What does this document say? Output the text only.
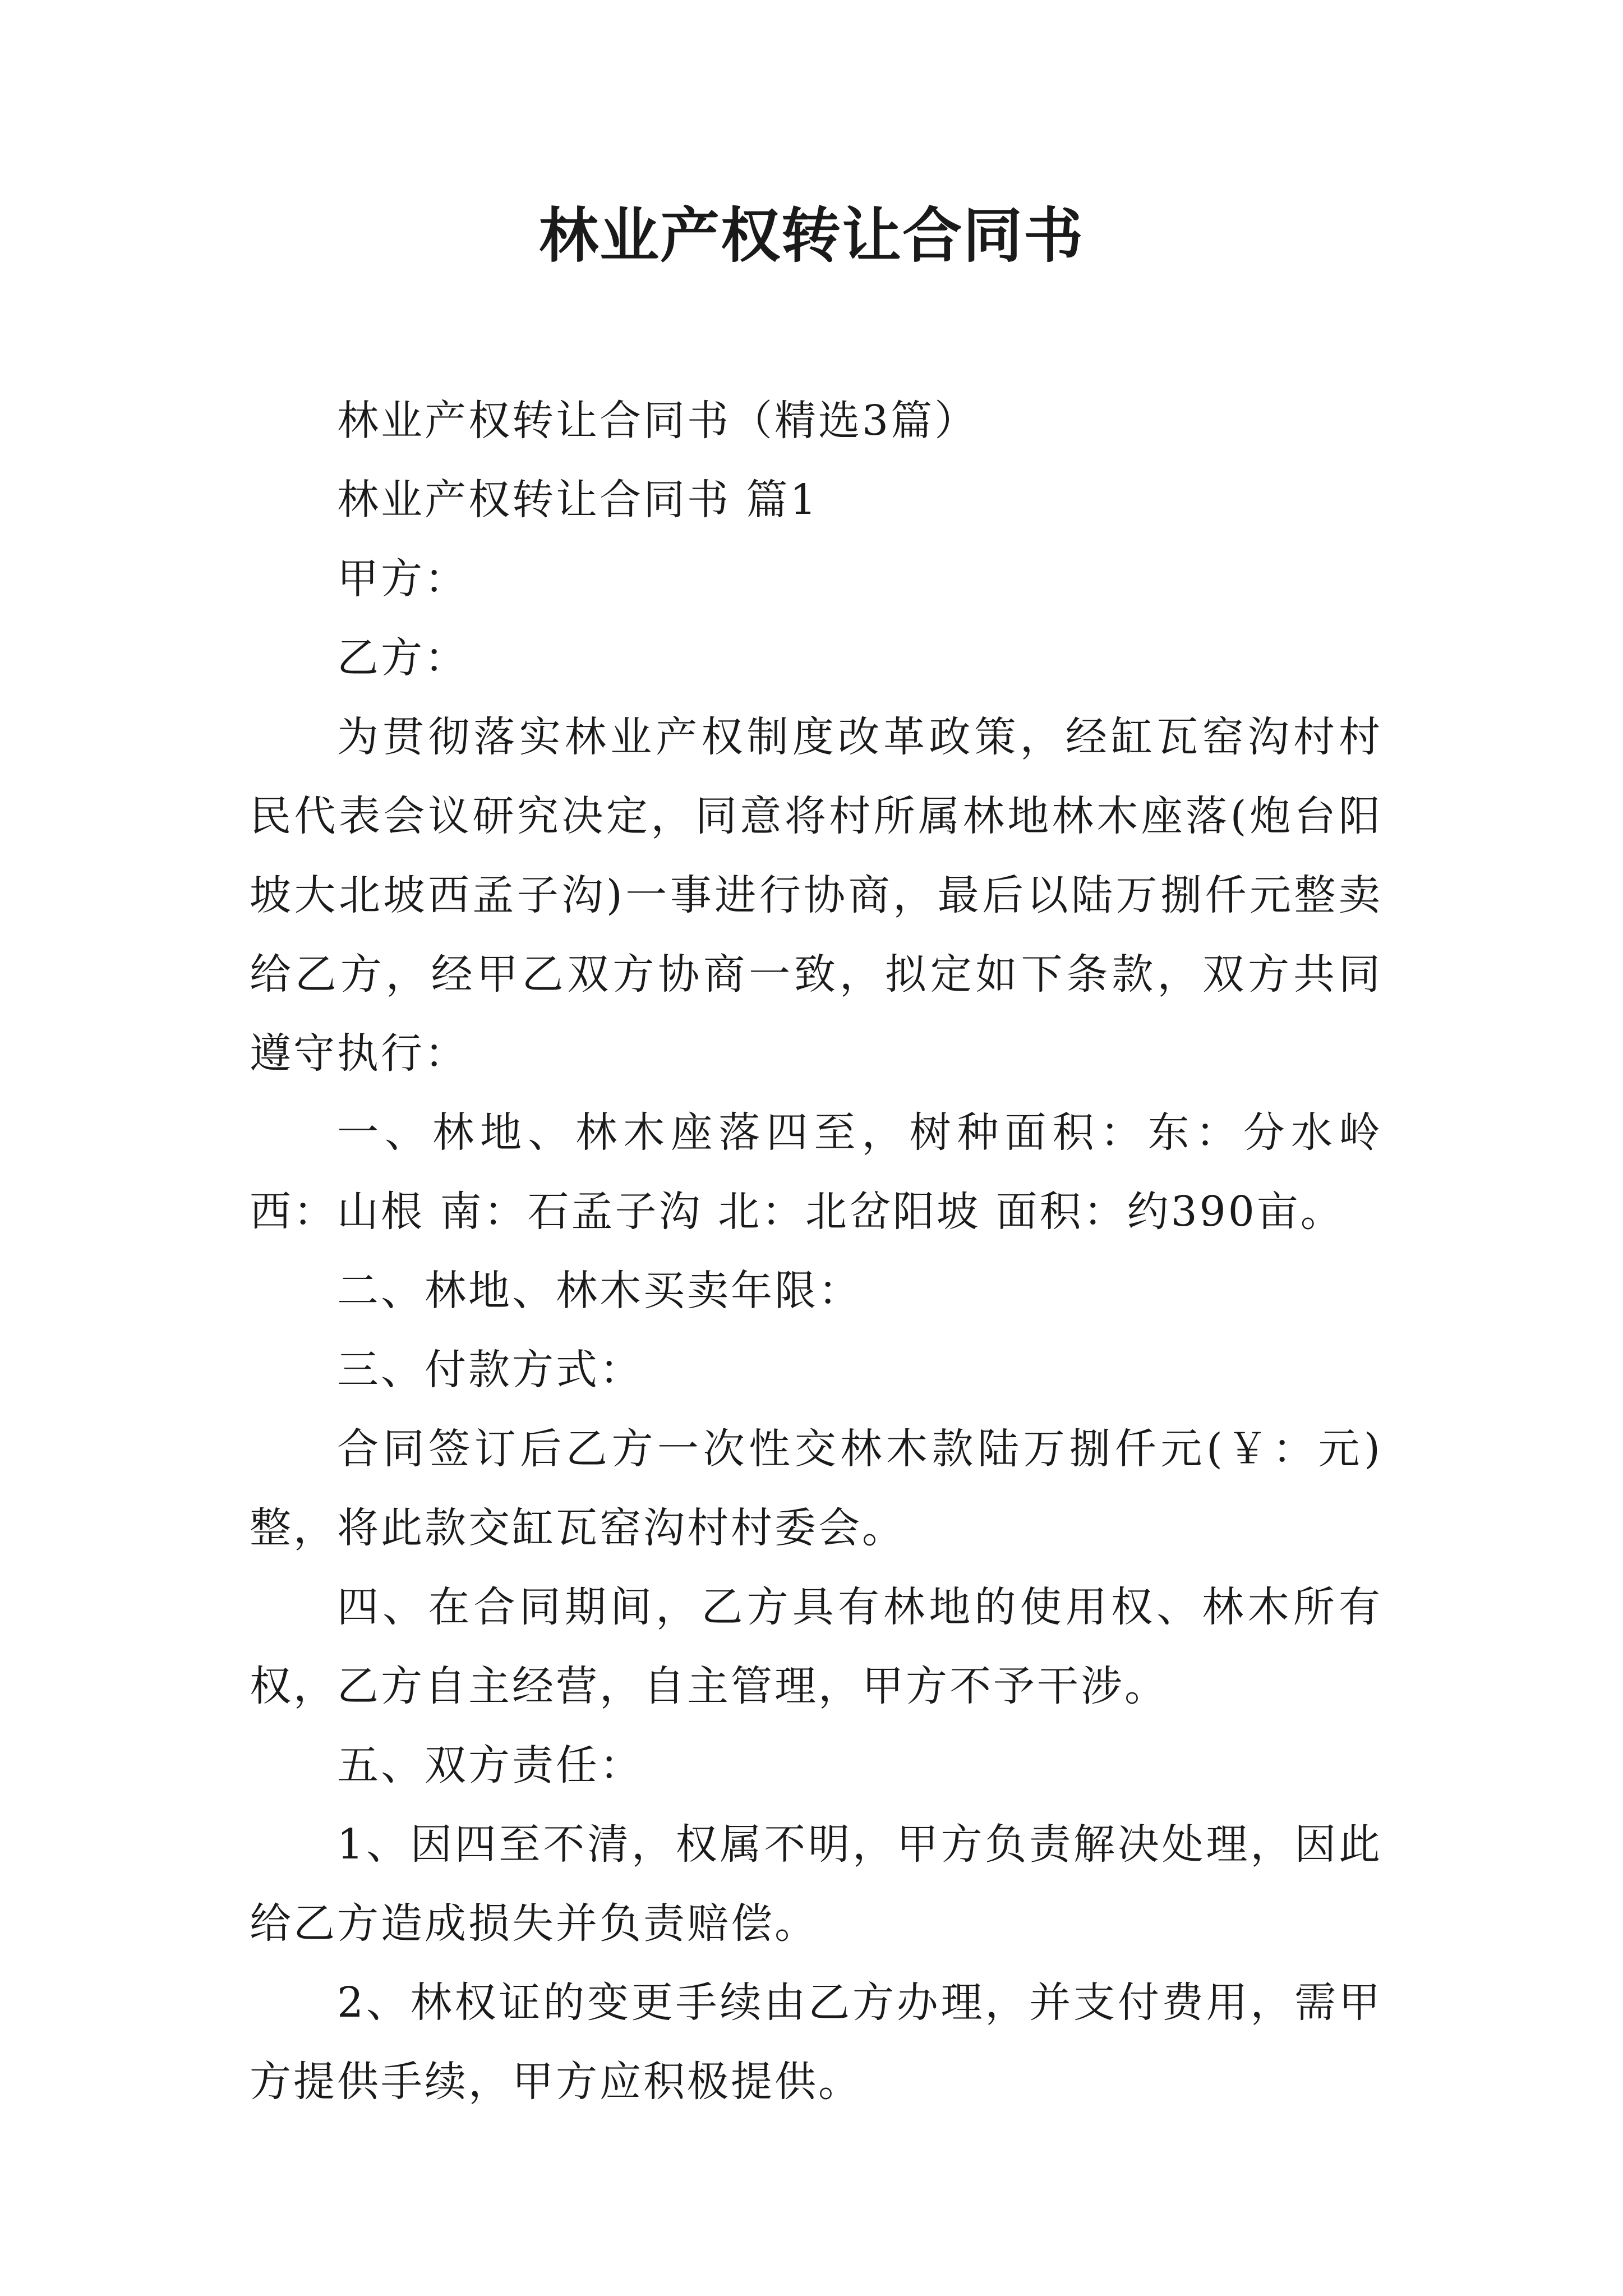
林业产权转让合同书

林业产权转让合同书（精选3篇）

林业产权转让合同书 篇1

甲方：

乙方：

为贯彻落实林业产权制度改革政策，经缸瓦窑沟村村民代表会议研究决定，同意将村所属林地林木座落(炮台阳坡大北坡西孟子沟)一事进行协商，最后以陆万捌仟元整卖给乙方，经甲乙双方协商一致，拟定如下条款，双方共同遵守执行：

一、林地、林木座落四至，树种面积：东：分水岭 西：山根 南：石孟子沟 北：北岔阳坡 面积：约390亩。

二、林地、林木买卖年限：

三、付款方式：

合同签订后乙方一次性交林木款陆万捌仟元(￥：元)整，将此款交缸瓦窑沟村村委会。

四、在合同期间，乙方具有林地的使用权、林木所有权，乙方自主经营，自主管理，甲方不予干涉。

五、双方责任：

1、因四至不清，权属不明，甲方负责解决处理，因此给乙方造成损失并负责赔偿。

2、林权证的变更手续由乙方办理，并支付费用，需甲方提供手续，甲方应积极提供。
